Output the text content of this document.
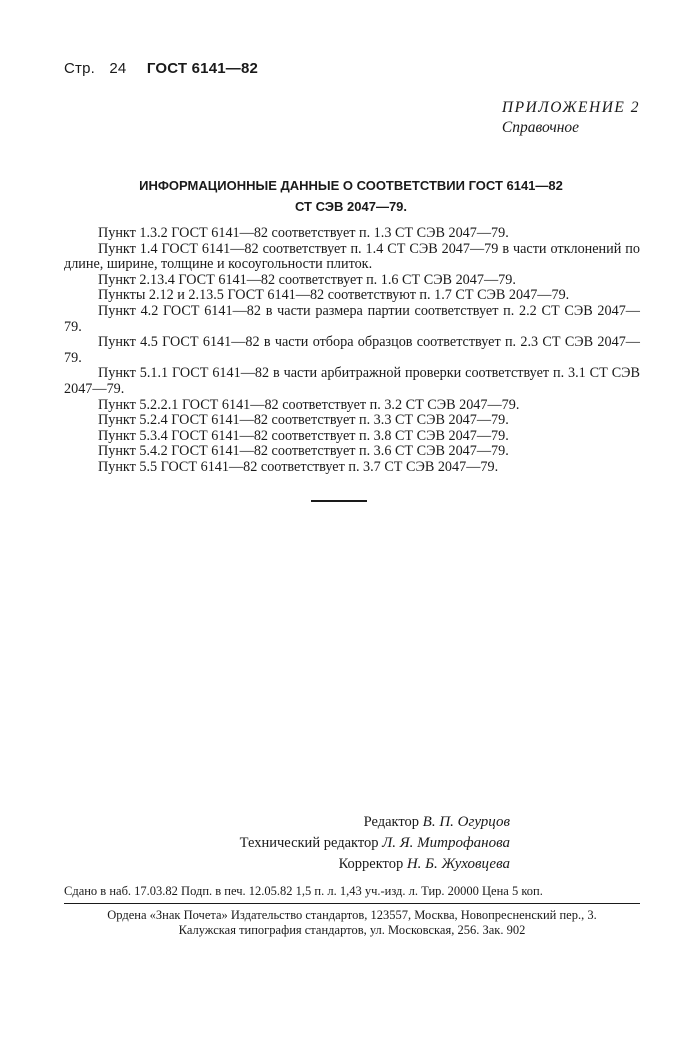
Стр. 24 ГОСТ 6141—82
ПРИЛОЖЕНИЕ 2
Справочное
ИНФОРМАЦИОННЫЕ ДАННЫЕ О СООТВЕТСТВИИ ГОСТ 6141—82
СТ СЭВ 2047—79.

Пункт 1.3.2 ГОСТ 6141—82 соответствует п. 1.3 СТ СЭВ 2047—79.

Пункт 1.4 ГОСТ 6141—82 соответствует п. 1.4 СТ СЭВ 2047—79 в части отклонений по длине, ширине, толщине и косоугольности плиток.

Пункт 2.13.4 ГОСТ 6141—82 соответствует п. 1.6 СТ СЭВ 2047—79.

Пункты 2.12 и 2.13.5 ГОСТ 6141—82 соответствуют п. 1.7 СТ СЭВ 2047—79.

Пункт 4.2 ГОСТ 6141—82 в части размера партии соответствует п. 2.2 СТ СЭВ 2047—79.

Пункт 4.5 ГОСТ 6141—82 в части отбора образцов соответствует п. 2.3 СТ СЭВ 2047—79.

Пункт 5.1.1 ГОСТ 6141—82 в части арбитражной проверки соответствует п. 3.1 СТ СЭВ 2047—79.

Пункт 5.2.2.1 ГОСТ 6141—82 соответствует п. 3.2 СТ СЭВ 2047—79.

Пункт 5.2.4 ГОСТ 6141—82 соответствует п. 3.3 СТ СЭВ 2047—79.

Пункт 5.3.4 ГОСТ 6141—82 соответствует п. 3.8 СТ СЭВ 2047—79.

Пункт 5.4.2 ГОСТ 6141—82 соответствует п. 3.6 СТ СЭВ 2047—79.

Пункт 5.5 ГОСТ 6141—82 соответствует п. 3.7 СТ СЭВ 2047—79.

Редактор В. П. Огурцов
Технический редактор Л. Я. Митрофанова
Корректор Н. Б. Жуховцева
Сдано в наб. 17.03.82 Подп. в печ. 12.05.82 1,5 п. л. 1,43 уч.-изд. л. Тир. 20000 Цена 5 коп.
Ордена «Знак Почета» Издательство стандартов, 123557, Москва, Новопресненский пер., 3.
Калужская типография стандартов, ул. Московская, 256. Зак. 902
